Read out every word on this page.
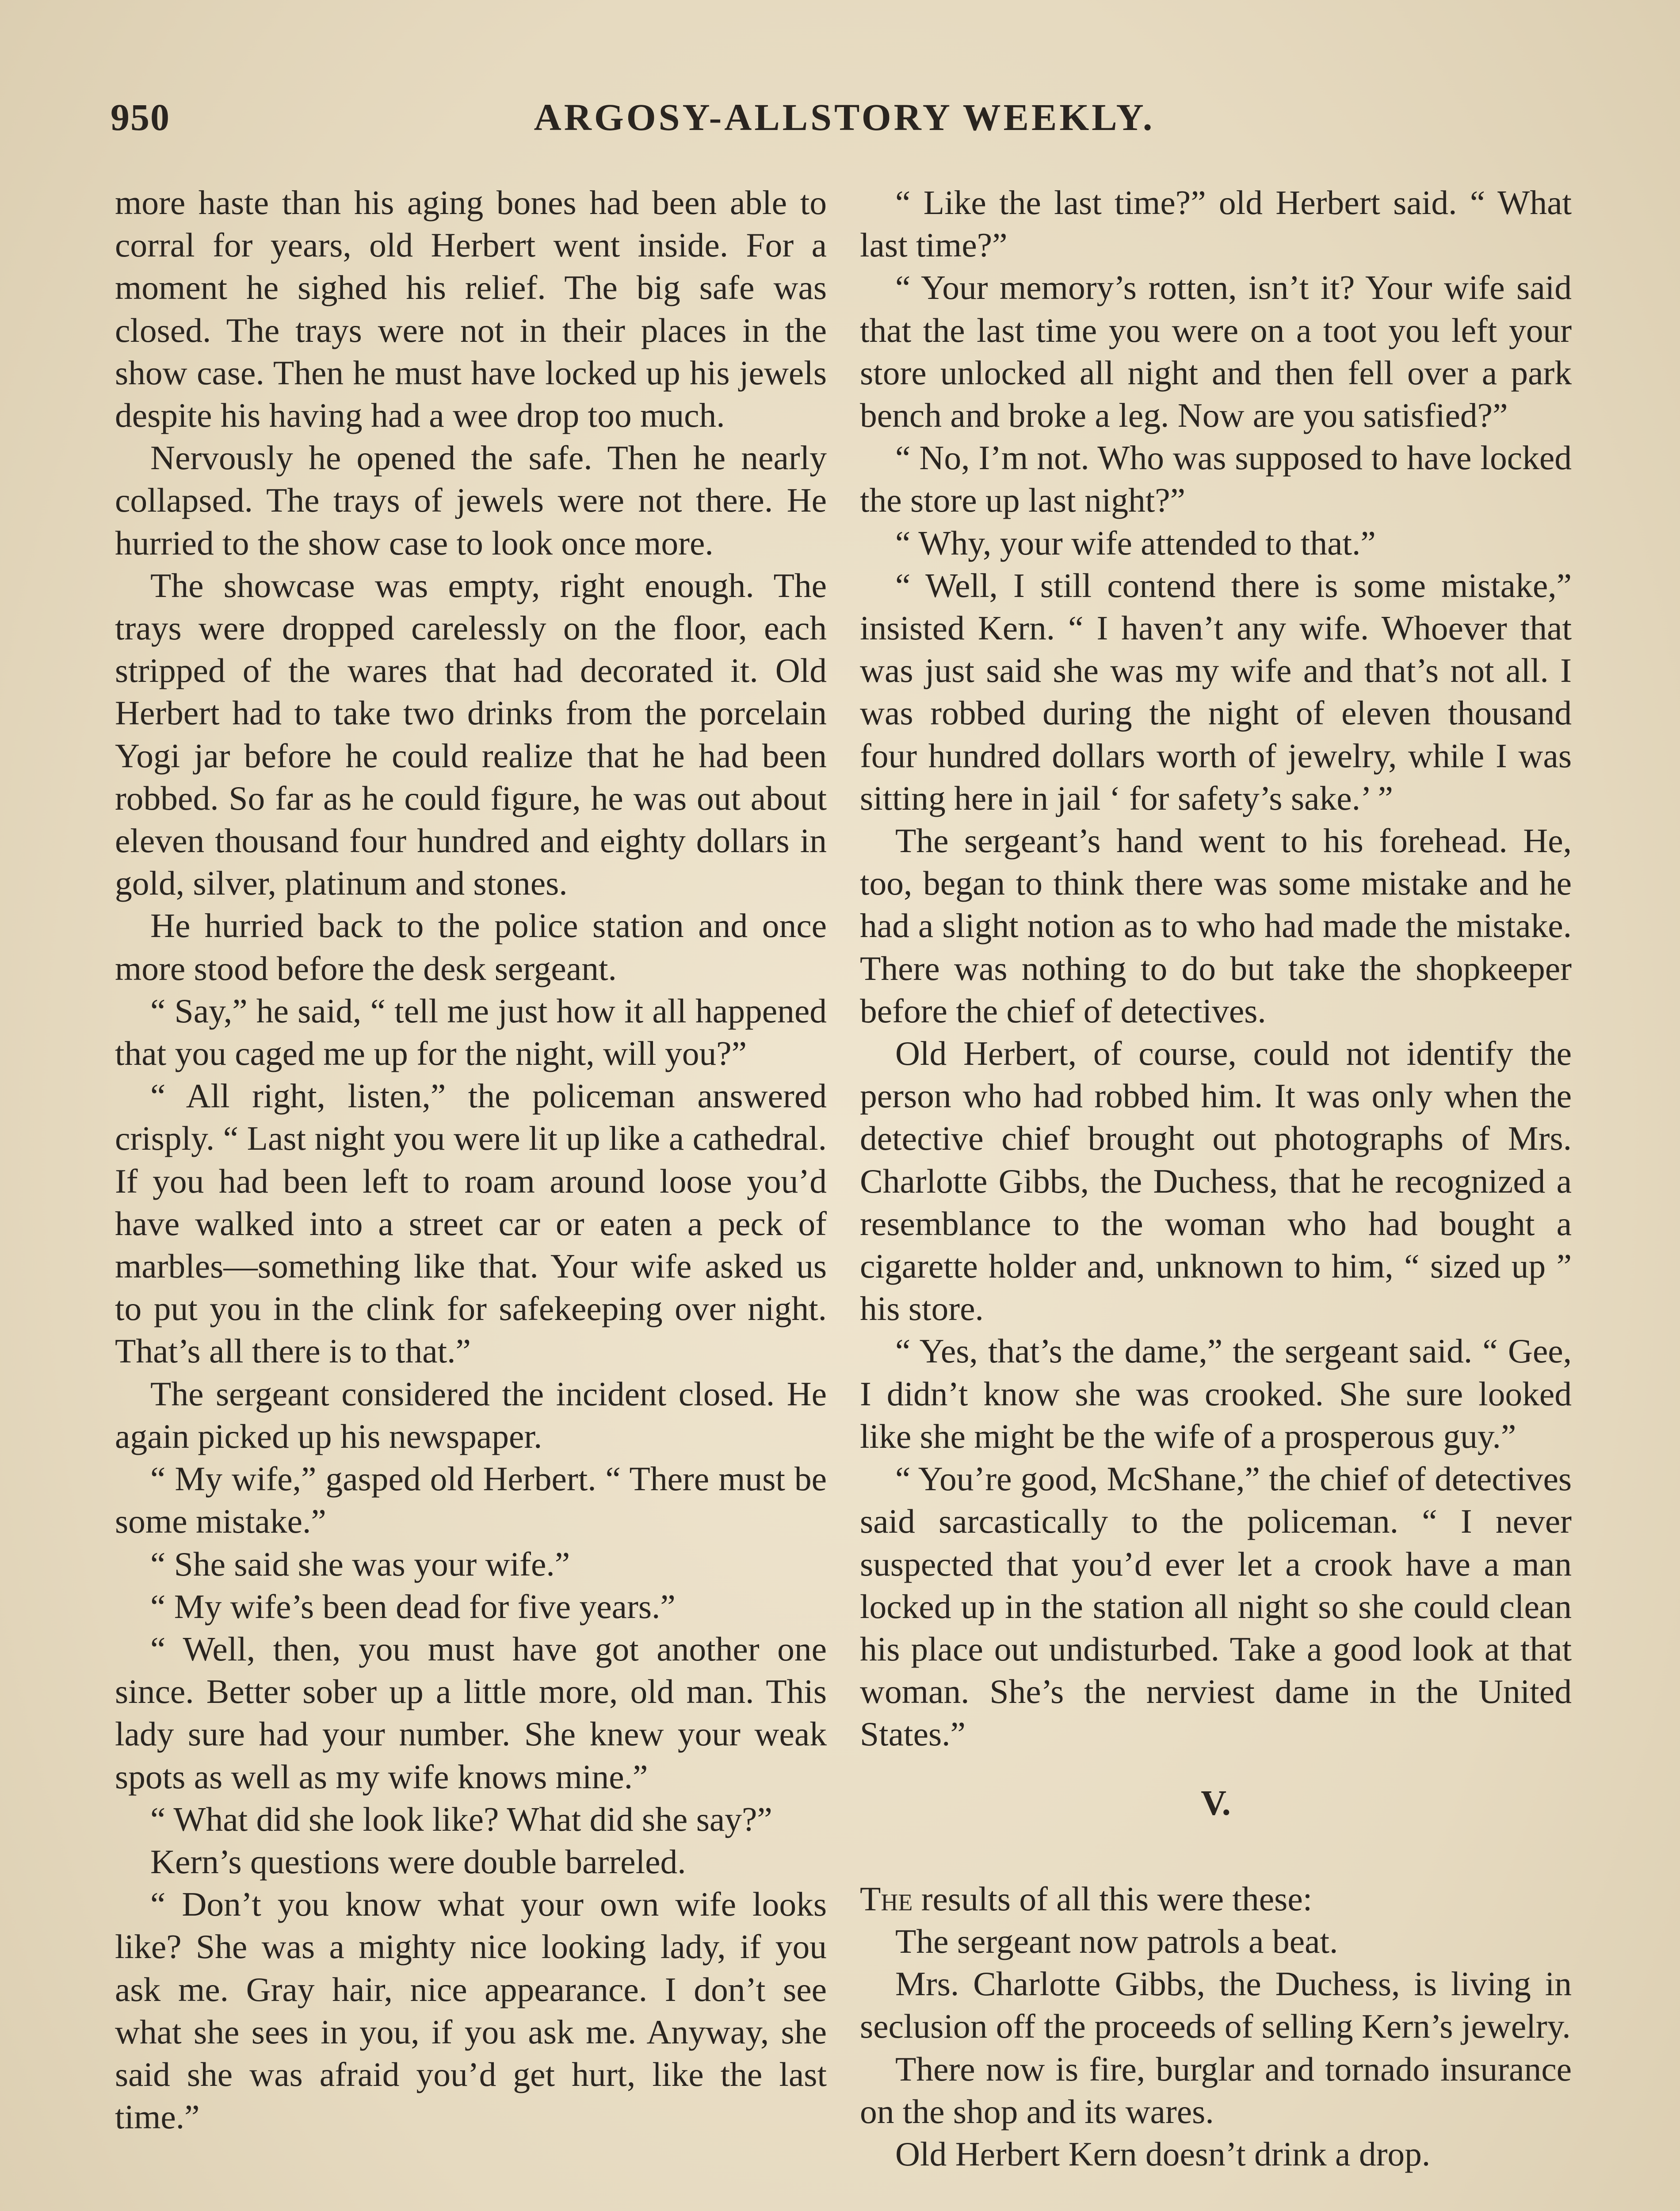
950	ARGOSY-ALLSTORY WEEKLY.

more haste than his aging bones had been able to corral for years, old Herbert went inside. For a moment he sighed his relief. The big safe was closed. The trays were not in their places in the show case. Then he must have locked up his jewels despite his having had a wee drop too much.

Nervously he opened the safe. Then he nearly collapsed. The trays of jewels were not there. He hurried to the show case to look once more.

The showcase was empty, right enough. The trays were dropped carelessly on the floor, each stripped of the wares that had decorated it. Old Herbert had to take two drinks from the porcelain Yogi jar before he could realize that he had been robbed. So far as he could figure, he was out about eleven thousand four hundred and eighty dollars in gold, silver, platinum and stones.

He hurried back to the police station and once more stood before the desk sergeant.

“ Say,” he said, “ tell me just how it all happened that you caged me up for the night, will you?”

“ All right, listen,” the policeman answered crisply. “ Last night you were lit up like a cathedral. If you had been left to roam around loose you’d have walked into a street car or eaten a peck of marbles—something like that. Your wife asked us to put you in the clink for safekeeping over night. That’s all there is to that.”

The sergeant considered the incident closed. He again picked up his newspaper.

“ My wife,” gasped old Herbert. “ There must be some mistake.”

“ She said she was your wife.”

“ My wife’s been dead for five years.”

“ Well, then, you must have got another one since. Better sober up a little more, old man. This lady sure had your number. She knew your weak spots as well as my wife knows mine.”

“ What did she look like? What did she say?”

Kern’s questions were double barreled.

“ Don’t you know what your own wife looks like? She was a mighty nice looking lady, if you ask me. Gray hair, nice appearance. I don’t see what she sees in you, if you ask me. Anyway, she said she was afraid you’d get hurt, like the last time.”

“ Like the last time?” old Herbert said. “ What last time?”

“ Your memory’s rotten, isn’t it? Your wife said that the last time you were on a toot you left your store unlocked all night and then fell over a park bench and broke a leg. Now are you satisfied?”

“ No, I’m not. Who was supposed to have locked the store up last night?”

“ Why, your wife attended to that.”

“ Well, I still contend there is some mistake,” insisted Kern. “ I haven’t any wife. Whoever that was just said she was my wife and that’s not all. I was robbed during the night of eleven thousand four hundred dollars worth of jewelry, while I was sitting here in jail ‘ for safety’s sake.’ ”

The sergeant’s hand went to his forehead. He, too, began to think there was some mistake and he had a slight notion as to who had made the mistake. There was nothing to do but take the shopkeeper before the chief of detectives.

Old Herbert, of course, could not identify the person who had robbed him. It was only when the detective chief brought out photographs of Mrs. Charlotte Gibbs, the Duchess, that he recognized a resemblance to the woman who had bought a cigarette holder and, unknown to him, “ sized up ” his store.

“ Yes, that’s the dame,” the sergeant said. “ Gee, I didn’t know she was crooked. She sure looked like she might be the wife of a prosperous guy.”

“ You’re good, McShane,” the chief of detectives said sarcastically to the policeman. “ I never suspected that you’d ever let a crook have a man locked up in the station all night so she could clean his place out undisturbed. Take a good look at that woman. She’s the nerviest dame in the United States.”

V.

The results of all this were these:

The sergeant now patrols a beat.

Mrs. Charlotte Gibbs, the Duchess, is living in seclusion off the proceeds of selling Kern’s jewelry.

There now is fire, burglar and tornado insurance on the shop and its wares.

Old Herbert Kern doesn’t drink a drop.
